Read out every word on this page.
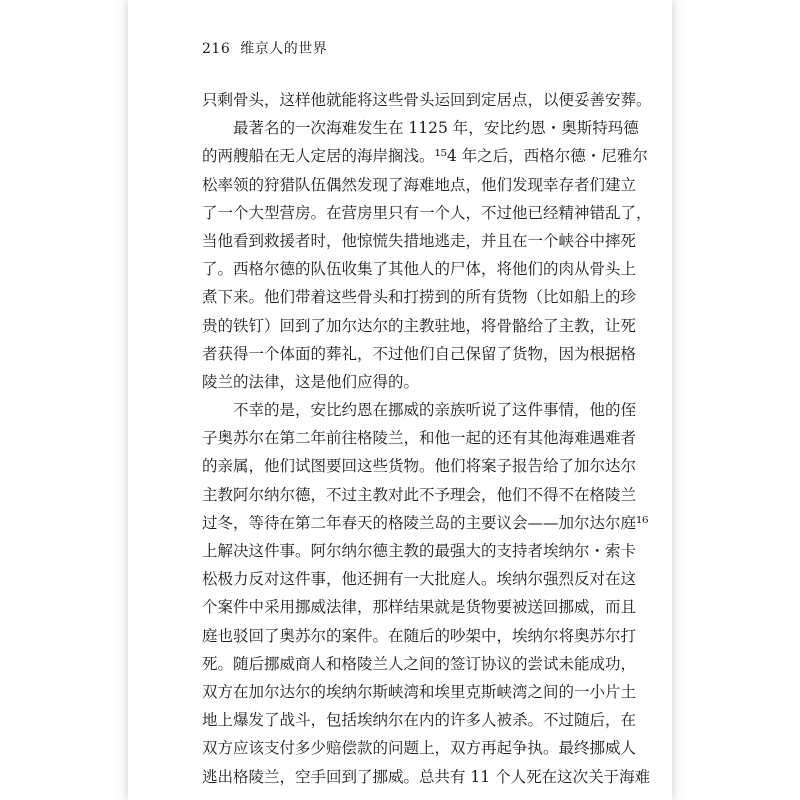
216 维京人的世界
只剩骨头，这样他就能将这些骨头运回到定居点，以便妥善安葬。
最著名的一次海难发生在 1125 年，安比约恩・奥斯特玛德
的两艘船在无人定居的海岸搁浅。¹⁵4 年之后，西格尔德・尼雅尔
松率领的狩猎队伍偶然发现了海难地点，他们发现幸存者们建立
了一个大型营房。在营房里只有一个人，不过他已经精神错乱了，
当他看到救援者时，他惊慌失措地逃走，并且在一个峡谷中摔死
了。西格尔德的队伍收集了其他人的尸体，将他们的肉从骨头上
煮下来。他们带着这些骨头和打捞到的所有货物（比如船上的珍
贵的铁钉）回到了加尔达尔的主教驻地，将骨骼给了主教，让死
者获得一个体面的葬礼，不过他们自己保留了货物，因为根据格
陵兰的法律，这是他们应得的。
不幸的是，安比约恩在挪威的亲族听说了这件事情，他的侄
子奥苏尔在第二年前往格陵兰，和他一起的还有其他海难遇难者
的亲属，他们试图要回这些货物。他们将案子报告给了加尔达尔
主教阿尔纳尔德，不过主教对此不予理会，他们不得不在格陵兰
过冬，等待在第二年春天的格陵兰岛的主要议会——加尔达尔庭¹⁶
上解决这件事。阿尔纳尔德主教的最强大的支持者埃纳尔・索卡
松极力反对这件事，他还拥有一大批庭人。埃纳尔强烈反对在这
个案件中采用挪威法律，那样结果就是货物要被送回挪威，而且
庭也驳回了奥苏尔的案件。在随后的吵架中，埃纳尔将奥苏尔打
死。随后挪威商人和格陵兰人之间的签订协议的尝试未能成功，
双方在加尔达尔的埃纳尔斯峡湾和埃里克斯峡湾之间的一小片土
地上爆发了战斗，包括埃纳尔在内的许多人被杀。不过随后，在
双方应该支付多少赔偿款的问题上，双方再起争执。最终挪威人
逃出格陵兰，空手回到了挪威。总共有 11 个人死在这次关于海难
